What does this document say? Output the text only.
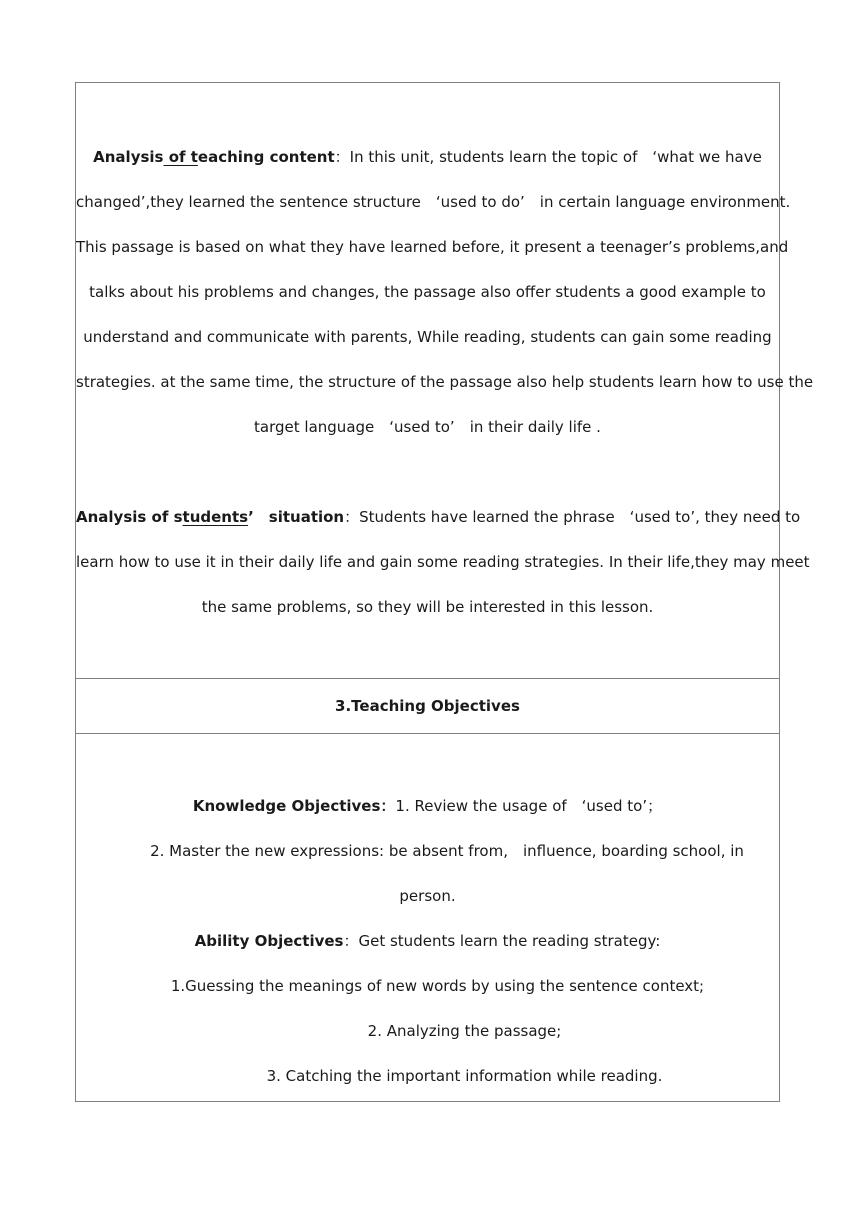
Analysis of teaching content：In this unit, students learn the topic of　‘what we have
changed’,they learned the sentence structure　‘used to do’　in certain language environment.
This passage is based on what they have learned before, it present a teenager’s problems,and
talks about his problems and changes, the passage also offer students a good example to
understand and communicate with parents, While reading, students can gain some reading
strategies. at the same time, the structure of the passage also help students learn how to use the
target language　‘used to’　in their daily life .
Analysis of students’　situation：Students have learned the phrase　‘used to’, they need to
learn how to use it in their daily life and gain some reading strategies. In their life,they may meet
the same problems, so they will be interested in this lesson.
3.Teaching Objectives
Knowledge Objectives：1. Review the usage of　‘used to’；
2. Master the new expressions: be absent from,　influence, boarding school, in
person.
Ability Objectives：Get students learn the reading strategy:
1.Guessing the meanings of new words by using the sentence context;
2. Analyzing the passage;
3. Catching the important information while reading.
